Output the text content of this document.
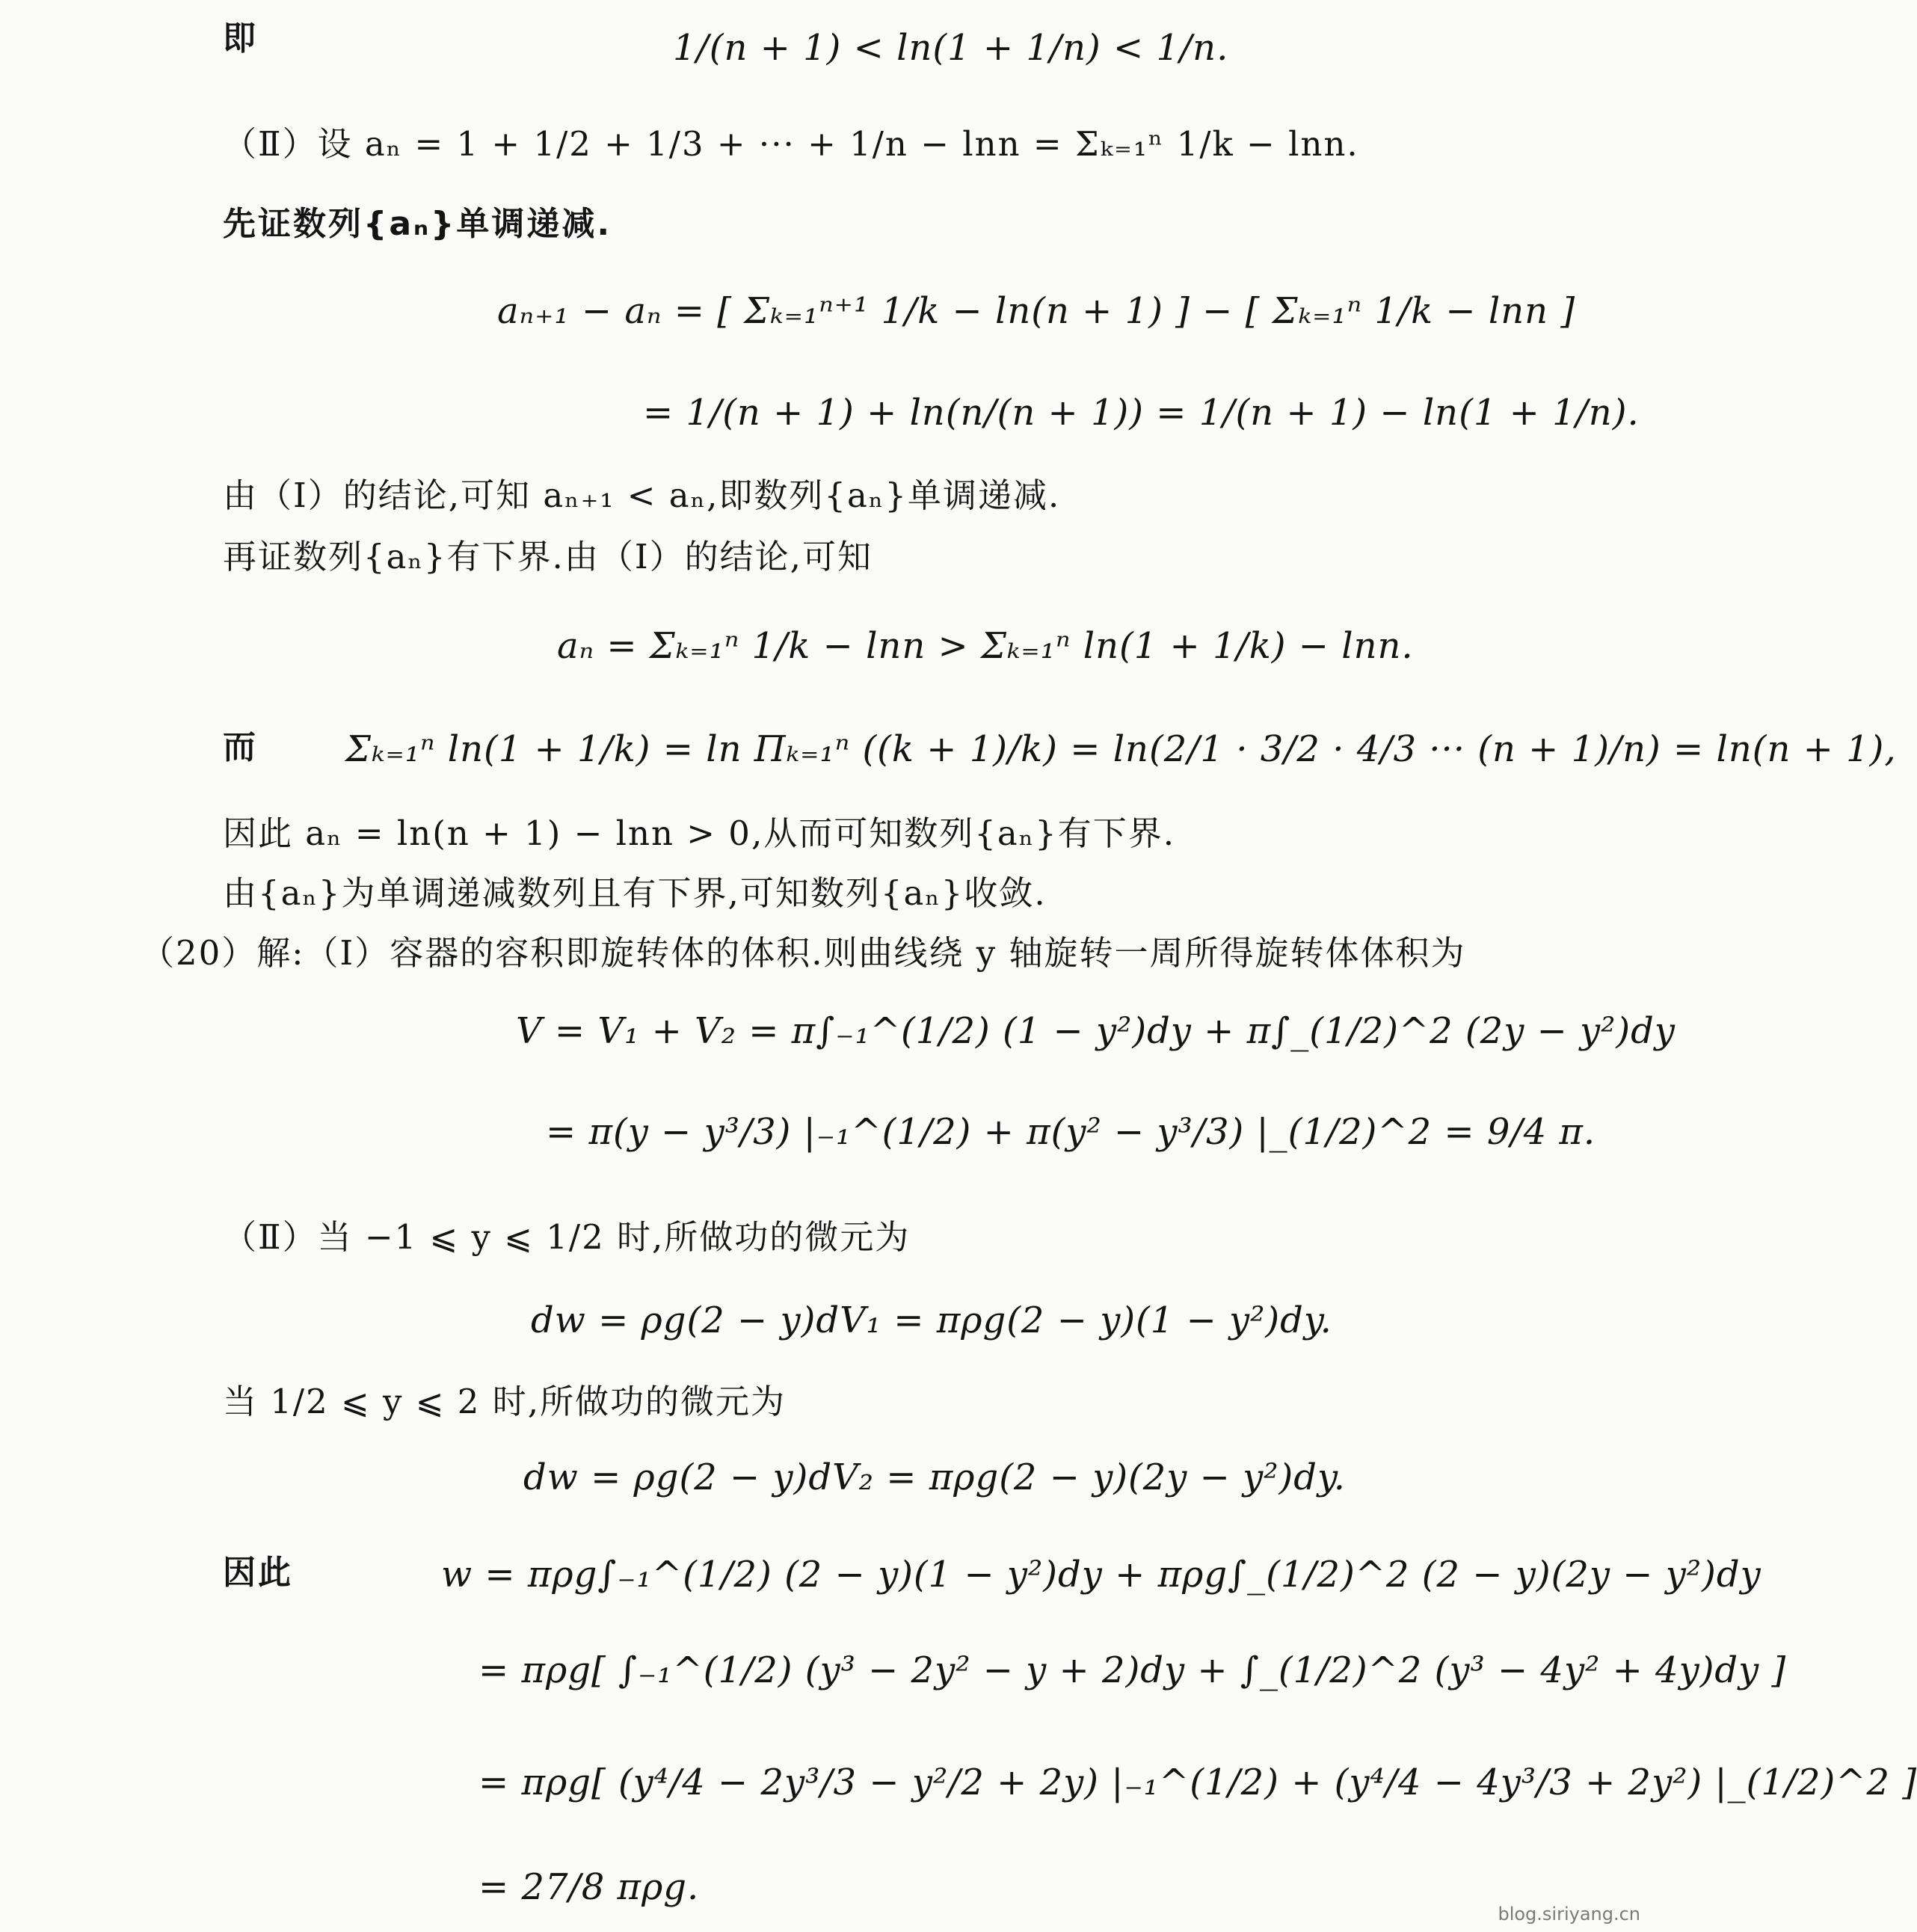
即	1/(n + 1) < ln(1 + 1/n) < 1/n.
（Ⅱ）设 aₙ = 1 + 1/2 + 1/3 + ··· + 1/n − lnn = Σₖ₌₁ⁿ 1/k − lnn.
先证数列{aₙ}单调递减.
aₙ₊₁ − aₙ = [ Σₖ₌₁ⁿ⁺¹ 1/k − ln(n + 1) ] − [ Σₖ₌₁ⁿ 1/k − lnn ]
= 1/(n + 1) + ln(n/(n + 1)) = 1/(n + 1) − ln(1 + 1/n).
由（Ⅰ）的结论,可知 aₙ₊₁ < aₙ,即数列{aₙ}单调递减.
再证数列{aₙ}有下界.由（Ⅰ）的结论,可知
aₙ = Σₖ₌₁ⁿ 1/k − lnn > Σₖ₌₁ⁿ ln(1 + 1/k) − lnn.
而 Σₖ₌₁ⁿ ln(1 + 1/k) = ln Πₖ₌₁ⁿ ((k + 1)/k) = ln(2/1 · 3/2 · 4/3 ··· (n + 1)/n) = ln(n + 1),
因此 aₙ = ln(n + 1) − lnn > 0,从而可知数列{aₙ}有下界.
由{aₙ}为单调递减数列且有下界,可知数列{aₙ}收敛.
（20）解:（Ⅰ）容器的容积即旋转体的体积.则曲线绕 y 轴旋转一周所得旋转体体积为
V = V₁ + V₂ = π∫₋₁^(1/2) (1 − y²)dy + π∫_(1/2)^2 (2y − y²)dy
= π(y − y³/3) |₋₁^(1/2) + π(y² − y³/3) |_(1/2)^2 = 9/4 π.
（Ⅱ）当 −1 ⩽ y ⩽ 1/2 时,所做功的微元为
dw = ρg(2 − y)dV₁ = πρg(2 − y)(1 − y²)dy.
当 1/2 ⩽ y ⩽ 2 时,所做功的微元为
dw = ρg(2 − y)dV₂ = πρg(2 − y)(2y − y²)dy.
因此	w = πρg∫₋₁^(1/2) (2 − y)(1 − y²)dy + πρg∫_(1/2)^2 (2 − y)(2y − y²)dy
= πρg[ ∫₋₁^(1/2) (y³ − 2y² − y + 2)dy + ∫_(1/2)^2 (y³ − 4y² + 4y)dy ]
= πρg[ (y⁴/4 − 2y³/3 − y²/2 + 2y) |₋₁^(1/2) + (y⁴/4 − 4y³/3 + 2y²) |_(1/2)^2 ]
= 27/8 πρg.
blog.siriyang.cn
